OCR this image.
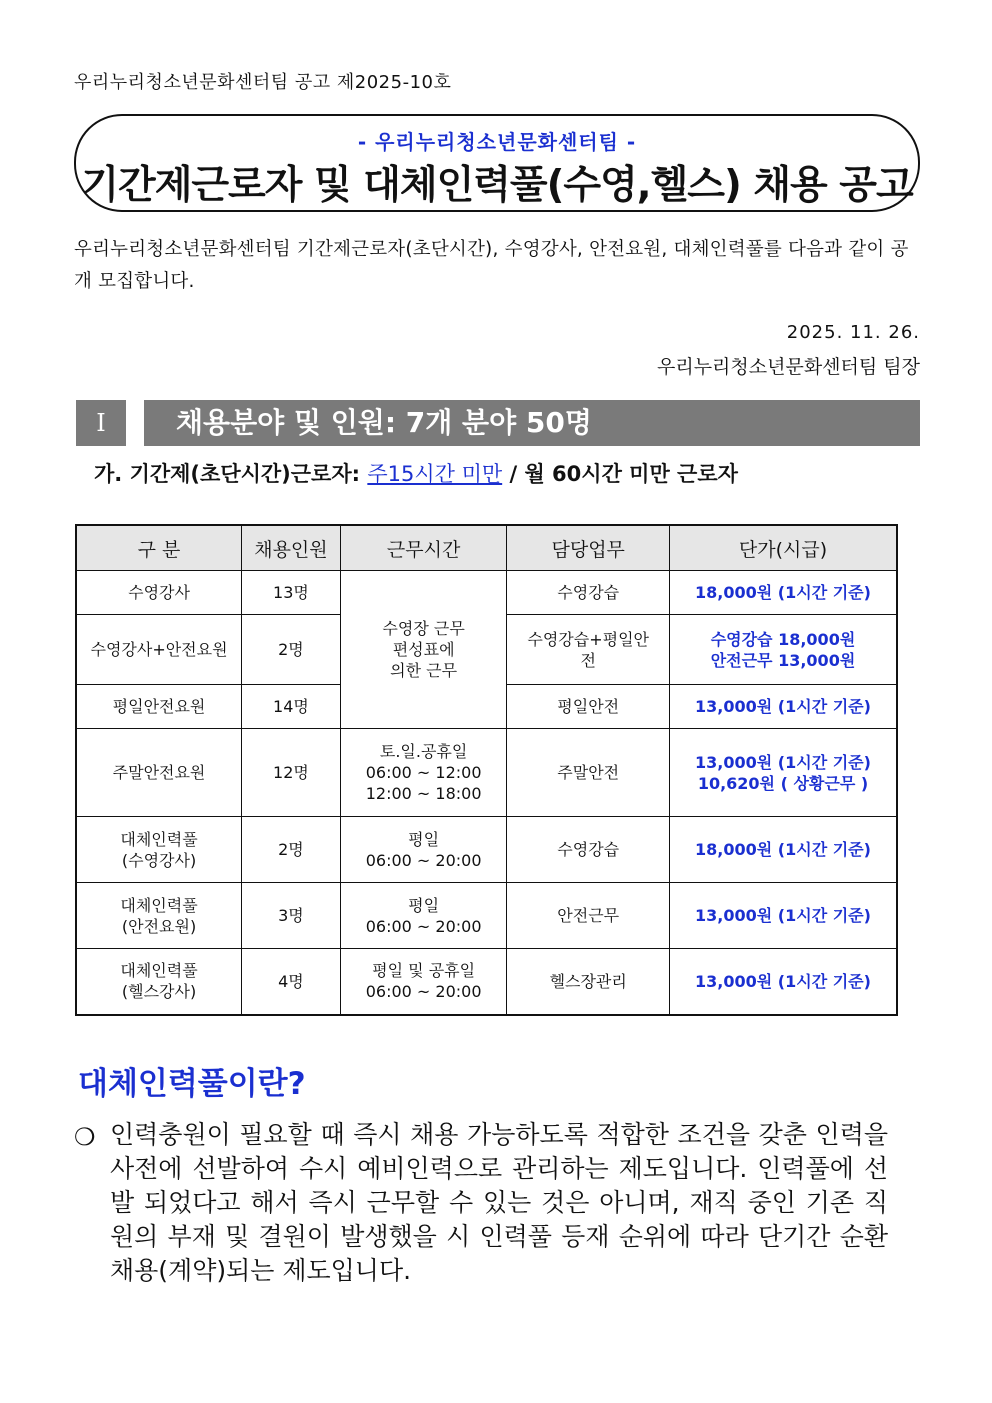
우리누리청소년문화센터팀 공고 제2025-10호
- 우리누리청소년문화센터팀 -
기간제근로자 및 대체인력풀(수영,헬스) 채용 공고
우리누리청소년문화센터팀 기간제근로자(초단시간), 수영강사, 안전요원, 대체인력풀를 다음과 같이 공개 모집합니다.
2025. 11. 26.
우리누리청소년문화센터팀 팀장
Ⅰ	채용분야 및 인원: 7개 분야 50명
가. 기간제(초단시간)근로자: 주15시간 미만 / 월 60시간 미만 근로자
구 분	채용인원	근무시간	담당업무	단가(시급)

수영강사	13명	수영장 근무
편성표에
의한 근무	수영강습	18,000원 (1시간 기준)

수영강사+안전요원	2명		수영강습+평일안
전	수영강습 18,000원
안전근무 13,000원

평일안전요원	14명		평일안전	13,000원 (1시간 기준)

주말안전요원	12명	토.일.공휴일
06:00 ~ 12:00
12:00 ~ 18:00	주말안전	13,000원 (1시간 기준)
10,620원 ( 상황근무 )

대체인력풀
(수영강사)	2명	평일
06:00 ~ 20:00	수영강습	18,000원 (1시간 기준)

대체인력풀
(안전요원)	3명	평일
06:00 ~ 20:00	안전근무	13,000원 (1시간 기준)

대체인력풀
(헬스강사)	4명	평일 및 공휴일
06:00 ~ 20:00	헬스장관리	13,000원 (1시간 기준)
대체인력풀이란?
❍ 인력충원이 필요할 때 즉시 채용 가능하도록 적합한 조건을 갖춘 인력을 사전에 선발하여 수시 예비인력으로 관리하는 제도입니다. 인력풀에 선발 되었다고 해서 즉시 근무할 수 있는 것은 아니며, 재직 중인 기존 직원의 부재 및 결원이 발생했을 시 인력풀 등재 순위에 따라 단기간 순환 채용(계약)되는 제도입니다.
